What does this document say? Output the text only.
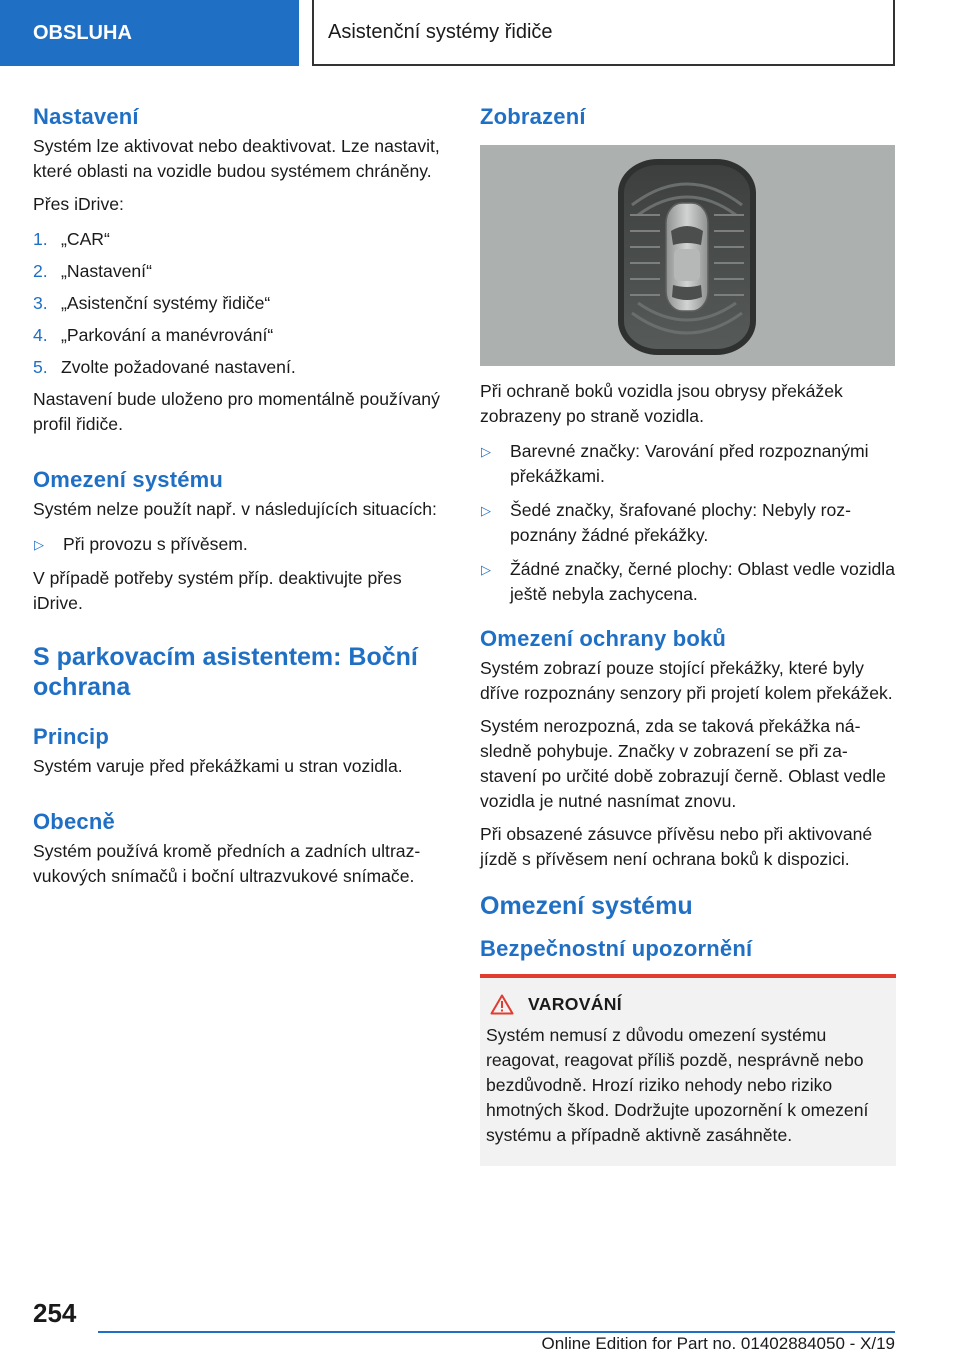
OBSLUHA	Asistenční systémy řidiče
Nastavení

Systém lze aktivovat nebo deaktivovat. Lze nastavit, které oblasti na vozidle budou systémem chráněny.

Přes iDrive:

1. „CAR“
2. „Nastavení“
3. „Asistenční systémy řidiče“
4. „Parkování a manévrování“
5. Zvolte požadované nastavení.

Nastavení bude uloženo pro momentálně používaný profil řidiče.

Omezení systému

Systém nelze použít např. v následujících situacích:

▷	Při provozu s přívěsem.

V případě potřeby systém příp. deaktivujte přes iDrive.

S parkovacím asistentem: Boční ochrana
Princip

Systém varuje před překážkami u stran vozidla.

Obecně

Systém používá kromě předních a zadních ultrazvukových snímačů i boční ultrazvukové snímače.

Zobrazení

Při ochraně boků vozidla jsou obrysy překážek zobrazeny po straně vozidla.

▷	Barevné značky: Varování před rozpoznanými překážkami.
▷	Šedé značky, šrafované plochy: Nebyly rozpoznány žádné překážky.
▷	Žádné značky, černé plochy: Oblast vedle vozidla ještě nebyla zachycena.
Omezení ochrany boků

Systém zobrazí pouze stojící překážky, které byly dříve rozpoznány senzory při projetí kolem překážek.

Systém nerozpozná, zda se taková překážka následně pohybuje. Značky v zobrazení se při zastavení po určité době zobrazují černě. Oblast vedle vozidla je nutné nasnímat znovu.

Při obsazené zásuvce přívěsu nebo při aktivované jízdě s přívěsem není ochrana boků k dispozici.

Omezení systému
Bezpečnostní upozornění
VAROVÁNÍ

Systém nemusí z důvodu omezení systému reagovat, reagovat příliš pozdě, nesprávně nebo bezdůvodně. Hrozí riziko nehody nebo riziko hmotných škod. Dodržujte upozornění k omezení systému a případně aktivně zasáhněte.

254
Online Edition for Part no. 01402884050 - X/19
